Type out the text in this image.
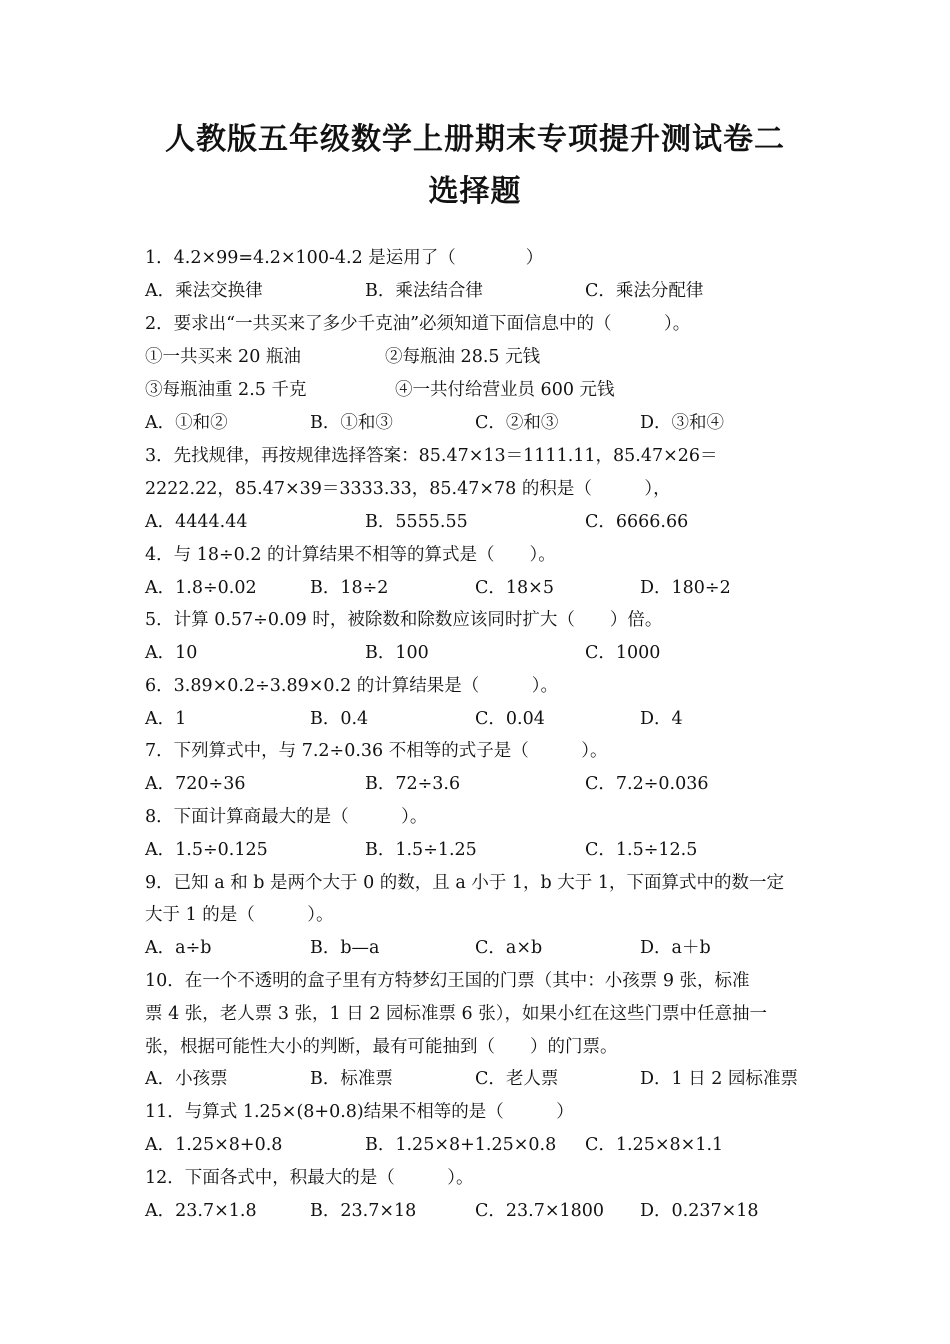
人教版五年级数学上册期末专项提升测试卷二
选择题
1．4.2×99=4.2×100-4.2 是运用了（　　　　）
A．乘法交换律	B．乘法结合律	C．乘法分配律
2．要求出“一共买来了多少千克油”必须知道下面信息中的（　　　）。
①一共买来 20 瓶油	②每瓶油 28.5 元钱
③每瓶油重 2.5 千克	④一共付给营业员 600 元钱
A．①和②	B．①和③	C．②和③	D．③和④
3．先找规律，再按规律选择答案：85.47×13＝1111.11，85.47×26＝
2222.22，85.47×39＝3333.33，85.47×78 的积是（　　　），
A．4444.44	B．5555.55	C．6666.66
4．与 18÷0.2 的计算结果不相等的算式是（　　）。
A．1.8÷0.02	B．18÷2	C．18×5	D．180÷2
5．计算 0.57÷0.09 时，被除数和除数应该同时扩大（　　）倍。
A．10	B．100	C．1000
6．3.89×0.2÷3.89×0.2 的计算结果是（　　　）。
A．1	B．0.4	C．0.04	D．4
7．下列算式中，与 7.2÷0.36 不相等的式子是（　　　）。
A．720÷36	B．72÷3.6	C．7.2÷0.036
8．下面计算商最大的是（　　　）。
A．1.5÷0.125	B．1.5÷1.25	C．1.5÷12.5
9．已知 a 和 b 是两个大于 0 的数，且 a 小于 1，b 大于 1，下面算式中的数一定
大于 1 的是（　　　）。
A．a÷b	B．b—a	C．a×b	D．a＋b
10．在一个不透明的盒子里有方特梦幻王国的门票（其中：小孩票 9 张，标准
票 4 张，老人票 3 张，1 日 2 园标准票 6 张），如果小红在这些门票中任意抽一
张，根据可能性大小的判断，最有可能抽到（　　）的门票。
A．小孩票	B．标准票	C．老人票	D．1 日 2 园标准票
11．与算式 1.25×(8+0.8)结果不相等的是（　　　）
A．1.25×8+0.8	B．1.25×8+1.25×0.8 C．1.25×8×1.1
12．下面各式中，积最大的是（　　　）。
A．23.7×1.8	B．23.7×18	C．23.7×1800 D．0.237×18
